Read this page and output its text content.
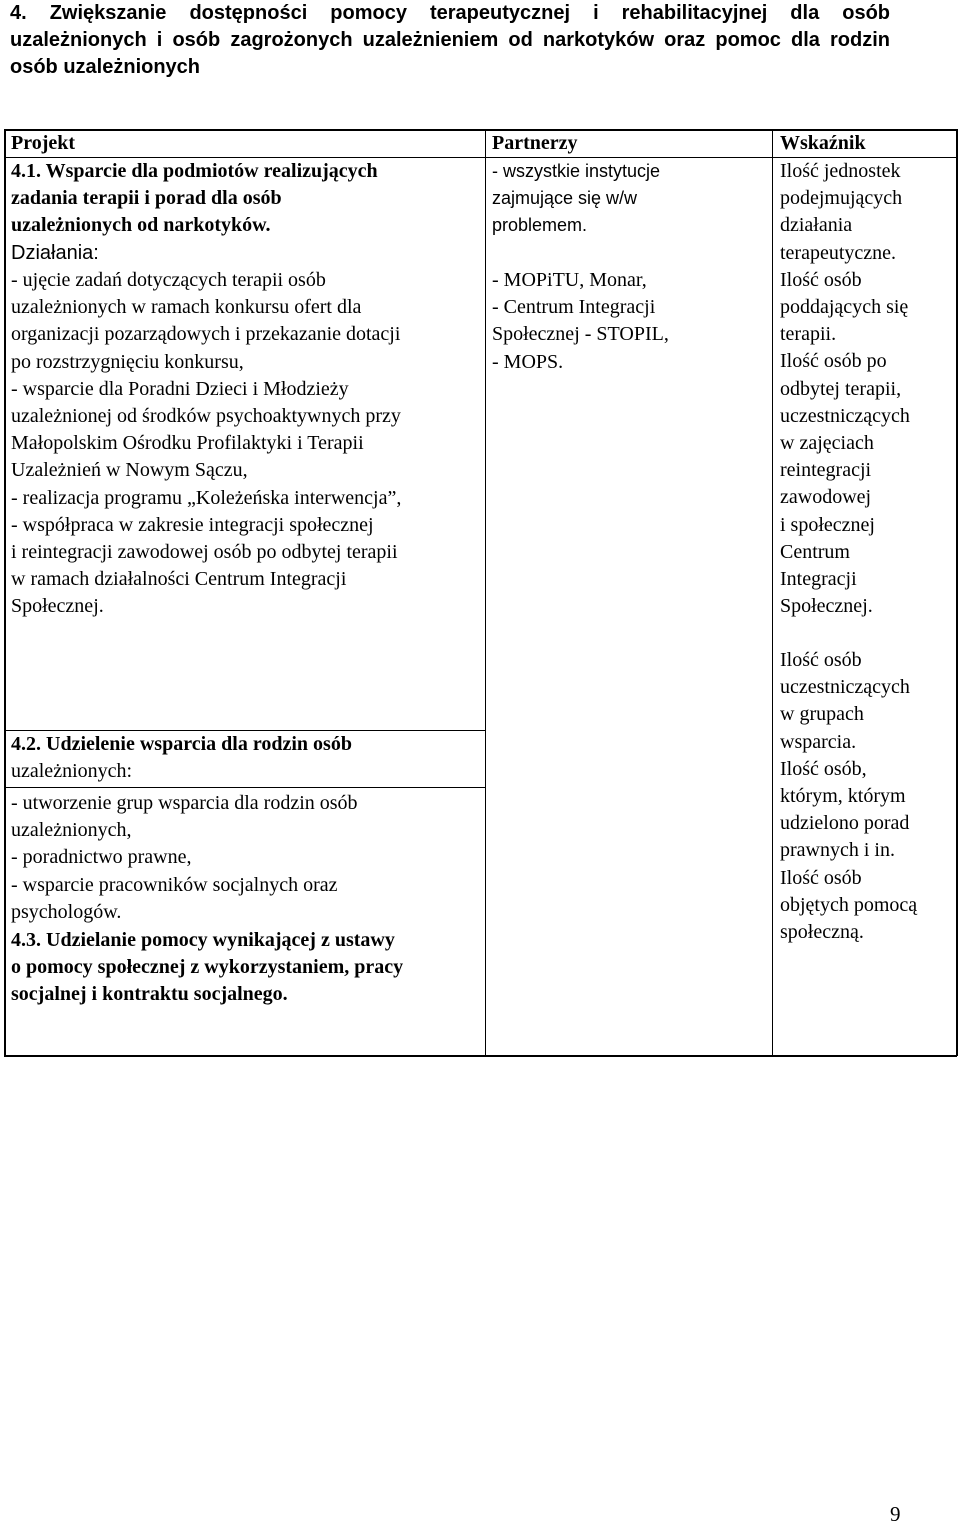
4. Zwiększanie dostępności pomocy terapeutycznej i rehabilitacyjnej dla osób
uzależnionych i osób zagrożonych uzależnieniem od narkotyków oraz pomoc dla rodzin
osób uzależnionych
Projekt	Partnerzy	Wskaźnik
4.1. Wsparcie dla podmiotów realizujących
zadania terapii i porad dla osób
uzależnionych od narkotyków.
Działania:
- ujęcie zadań dotyczących terapii osób
uzależnionych w ramach konkursu ofert dla
organizacji pozarządowych i przekazanie dotacji
po rozstrzygnięciu konkursu,
- wsparcie dla Poradni Dzieci i Młodzieży
uzależnionej od środków psychoaktywnych przy
Małopolskim Ośrodku Profilaktyki i Terapii
Uzależnień w Nowym Sączu,
- realizacja programu „Koleżeńska interwencja”,
- współpraca w zakresie integracji społecznej
i reintegracji zawodowej osób po odbytej terapii
w ramach działalności Centrum Integracji
Społecznej.
4.2. Udzielenie wsparcia dla rodzin osób
uzależnionych:
- utworzenie grup wsparcia dla rodzin osób
uzależnionych,
- poradnictwo prawne,
- wsparcie pracowników socjalnych oraz
psychologów.
4.3. Udzielanie pomocy wynikającej z ustawy
o pomocy społecznej z wykorzystaniem, pracy
socjalnej i kontraktu socjalnego.
- wszystkie instytucje
zajmujące się w/w
problemem.
- MOPiTU, Monar,
- Centrum Integracji
Społecznej - STOPIL,
- MOPS.
Ilość jednostek
podejmujących
działania
terapeutyczne.
Ilość osób
poddających się
terapii.
Ilość osób po
odbytej terapii,
uczestniczących
w zajęciach
reintegracji
zawodowej
i społecznej
Centrum
Integracji
Społecznej.
Ilość osób
uczestniczących
w grupach
wsparcia.
Ilość osób,
którym, którym
udzielono porad
prawnych i in.
Ilość osób
objętych pomocą
społeczną.
9
